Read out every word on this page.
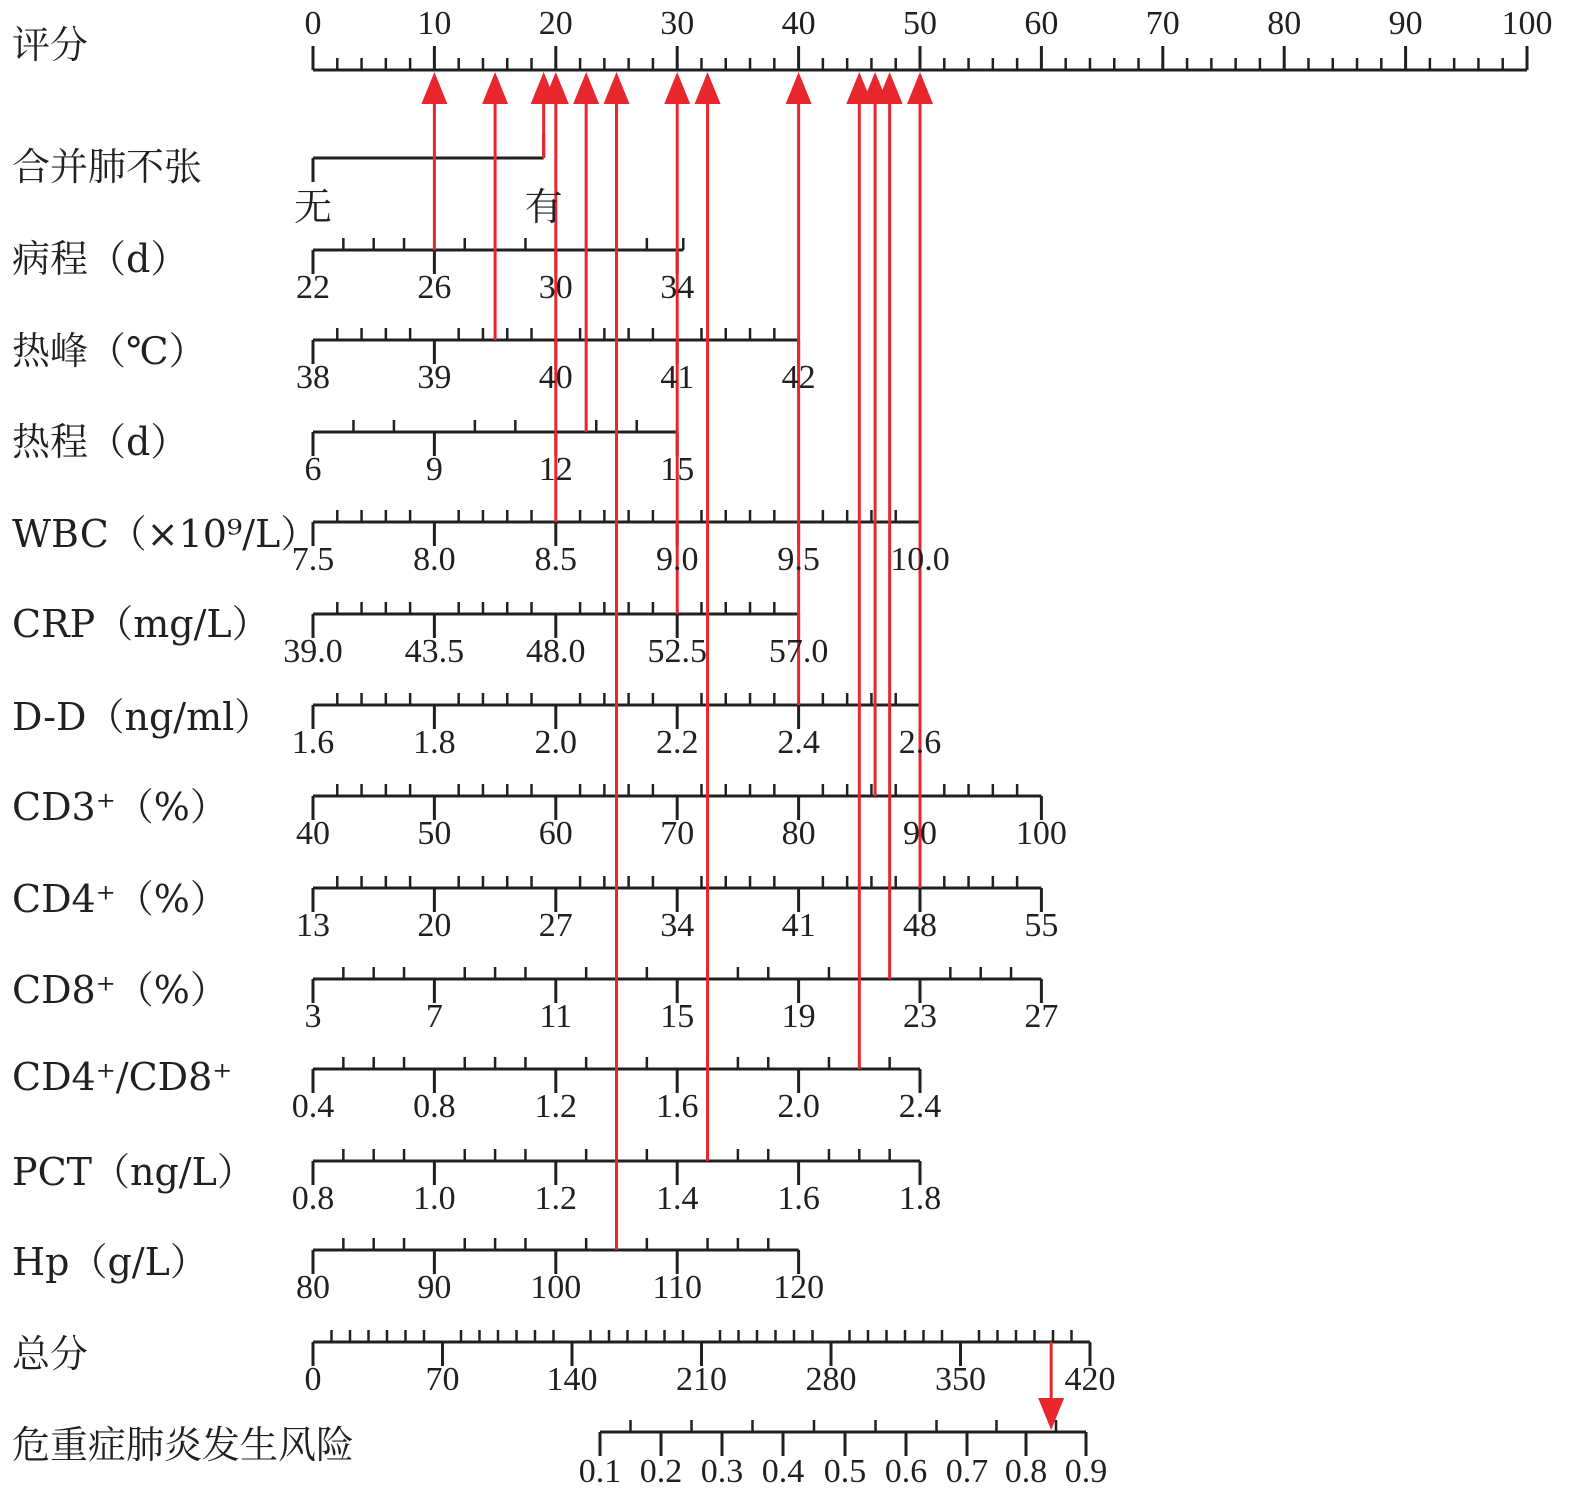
评分	0	10	20	30	40	50	60	70	80	90 100
合并肺不张
无	有
病程（d）
22	26	30	34
热峰（℃）
38	39	40	41	42
热程（d）
6	9	12	15
WBC（×10⁹/L）
7.5 8.0 8.5 9.0 9.5 10.0
CRP（mg/L）
39.0 43.5 48.0 52.5 57.0
D-D（ng/ml）
1.6 1.8 2.0 2.2 2.4 2.6
CD3⁺（%）
40	50	60	70	80	90 100
CD4⁺（%）
13	20	27	34	41	48	55
CD8⁺（%）
3	7	11	15	19	23	27
CD4⁺/CD8⁺
0.4 0.8 1.2 1.6 2.0 2.4
PCT（ng/L）
0.8 1.0 1.2 1.4 1.6 1.8
Hp（g/L）
80	90 100 110 120
总分
0	70	140 210 280 350 420
危重症肺炎发生风险
0.1 0.2 0.3 0.4 0.5 0.6 0.7 0.8 0.9
